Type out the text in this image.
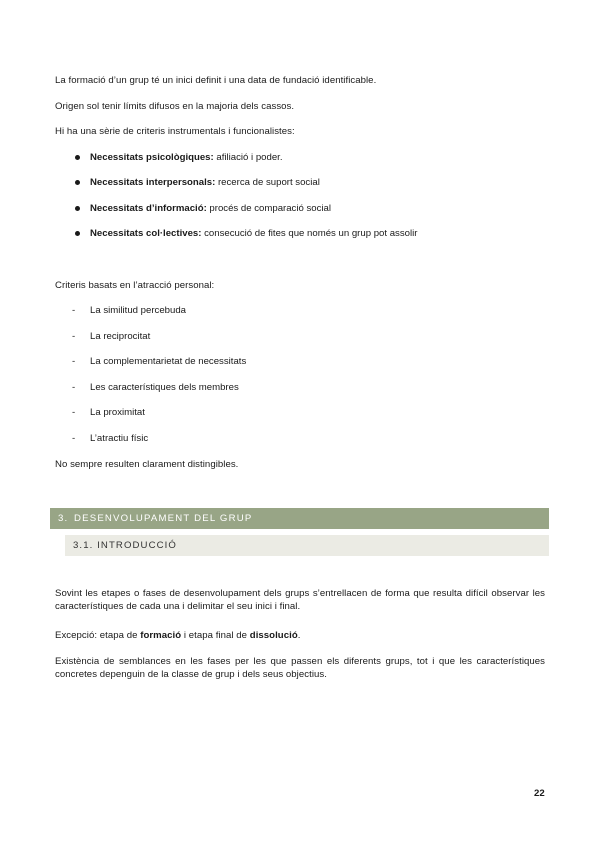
La formació d’un grup té un inici definit i una data de fundació identificable.

Origen sol tenir límits difusos en la majoria dels cassos.

Hi ha una sèrie de criteris instrumentals i funcionalistes:

Necessitats psicològiques: afiliació i poder.
Necessitats interpersonals: recerca de suport social
Necessitats d’informació: procés de comparació social
Necessitats col·lectives: consecució de fites que només un grup pot assolir

Criteris basats en l’atracció personal:

- La similitud percebuda
- La reciprocitat
- La complementarietat de necessitats
- Les característiques dels membres
- La proximitat
- L’atractiu físic

No sempre resulten clarament distingibles.

3. DESENVOLUPAMENT DEL GRUP
3.1. INTRODUCCIÓ

Sovint les etapes o fases de desenvolupament dels grups s’entrellacen de forma que resulta difícil observar les característiques de cada una i delimitar el seu inici i final.

Excepció: etapa de formació i etapa final de dissolució.

Existència de semblances en les fases per les que passen els diferents grups, tot i que les característiques concretes depenguin de la classe de grup i dels seus objectius.

22
